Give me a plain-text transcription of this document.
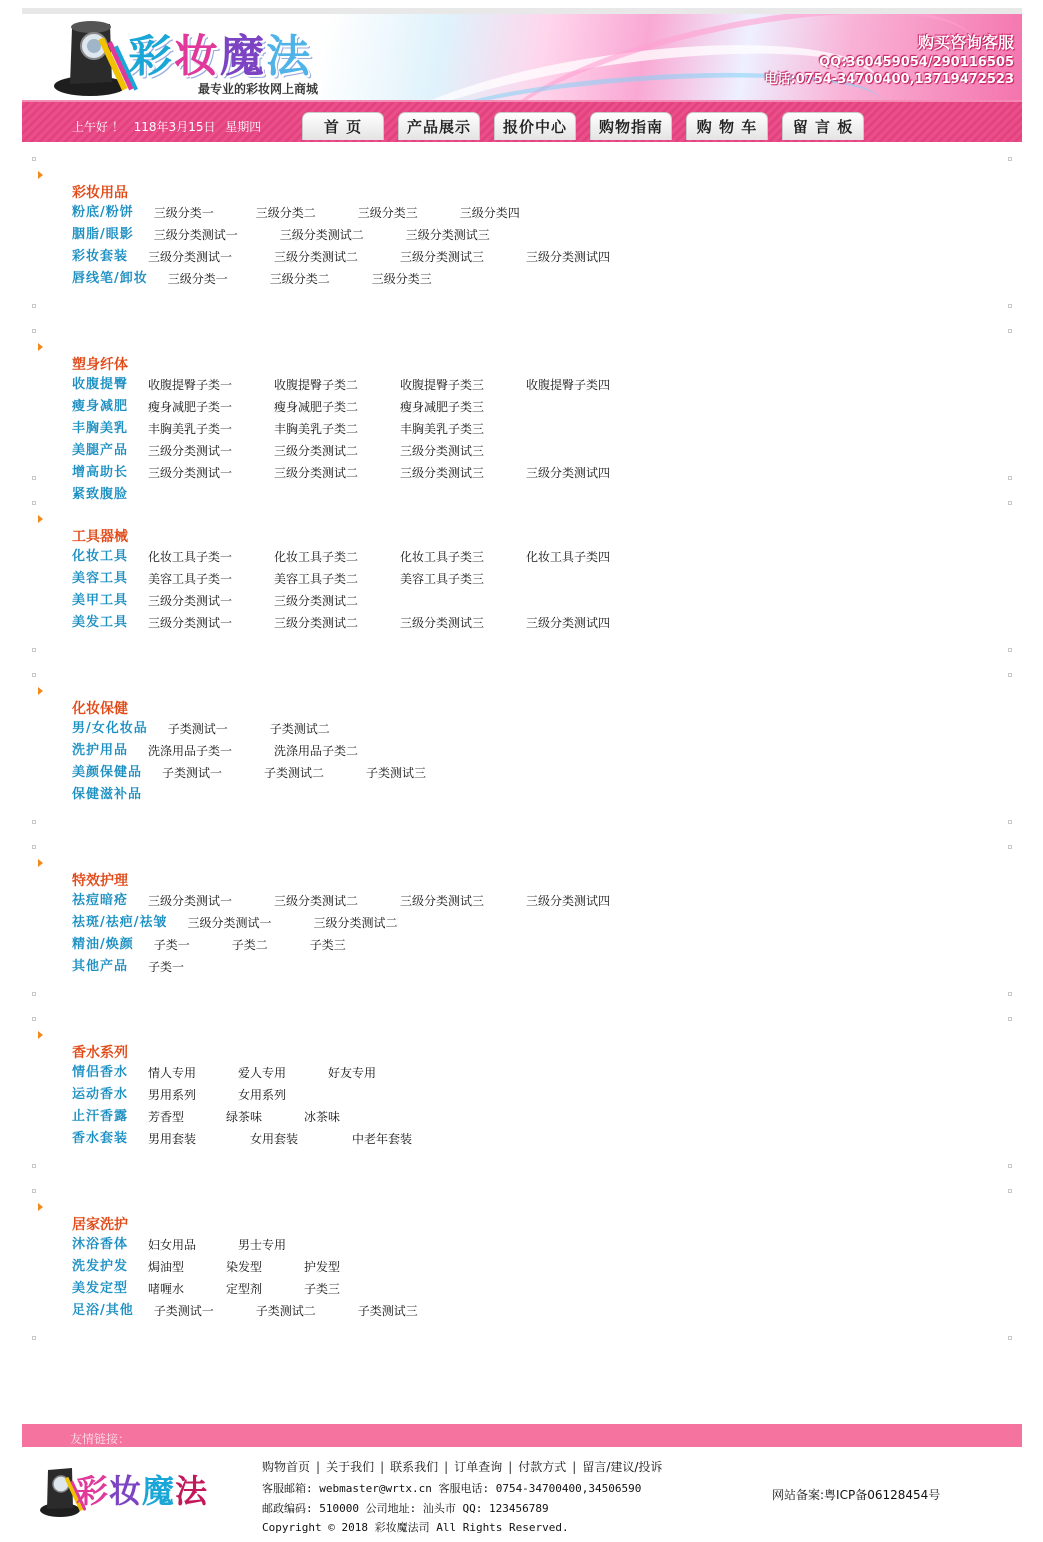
彩妆魔法
最专业的彩妆网上商城
购买咨询客服
QQ:360459054/290116505
电话:0754-34700400,13719472523
上午好 ！ 118年3月15日 星期四	首 页	产品展示	报价中心	购物指南	购 物 车	留 言 板
彩妆用品
粉底/粉饼 三级分类一	三级分类二	三级分类三	三级分类四
胭脂/眼影 三级分类测试一	三级分类测试二	三级分类测试三
彩妆套装 三级分类测试一	三级分类测试二	三级分类测试三	三级分类测试四
唇线笔/卸妆 三级分类一	三级分类二	三级分类三
塑身纤体
收腹提臀 收腹提臀子类一	收腹提臀子类二	收腹提臀子类三	收腹提臀子类四
瘦身减肥 瘦身减肥子类一	瘦身减肥子类二	瘦身减肥子类三
丰胸美乳 丰胸美乳子类一	丰胸美乳子类二	丰胸美乳子类三
美腿产品 三级分类测试一	三级分类测试二	三级分类测试三
增高助长 三级分类测试一	三级分类测试二	三级分类测试三	三级分类测试四
紧致腹脸
工具器械
化妆工具 化妆工具子类一	化妆工具子类二	化妆工具子类三	化妆工具子类四
美容工具 美容工具子类一	美容工具子类二	美容工具子类三
美甲工具 三级分类测试一	三级分类测试二
美发工具 三级分类测试一	三级分类测试二	三级分类测试三	三级分类测试四
化妆保健
男/女化妆品 子类测试一	子类测试二
洗护用品 洗涤用品子类一	洗涤用品子类二
美颜保健品 子类测试一	子类测试二	子类测试三
保健滋补品
特效护理
祛痘暗疮 三级分类测试一	三级分类测试二	三级分类测试三	三级分类测试四
祛斑/祛疤/祛皱 三级分类测试一	三级分类测试二
精油/焕颜 子类一	子类二	子类三
其他产品 子类一
香水系列
情侣香水 情人专用	爱人专用	好友专用
运动香水 男用系列	女用系列
止汗香露 芳香型	绿茶味	冰茶味
香水套装 男用套装	女用套装	中老年套装
居家洗护
沐浴香体 妇女用品	男士专用
洗发护发 焗油型	染发型	护发型
美发定型 啫喱水	定型剂	子类三
足浴/其他 子类测试一	子类测试二	子类测试三
友情链接：
彩妆魔法
购物首页 | 关于我们 | 联系我们 | 订单查询 | 付款方式 | 留言/建议/投诉
客服邮箱: webmaster@wrtx.cn 客服电话: 0754-34700400,34506590
邮政编码: 510000 公司地址: 汕头市 QQ: 123456789
Copyright © 2018 彩妆魔法司 All Rights Reserved.
网站备案:粤ICP备06128454号
